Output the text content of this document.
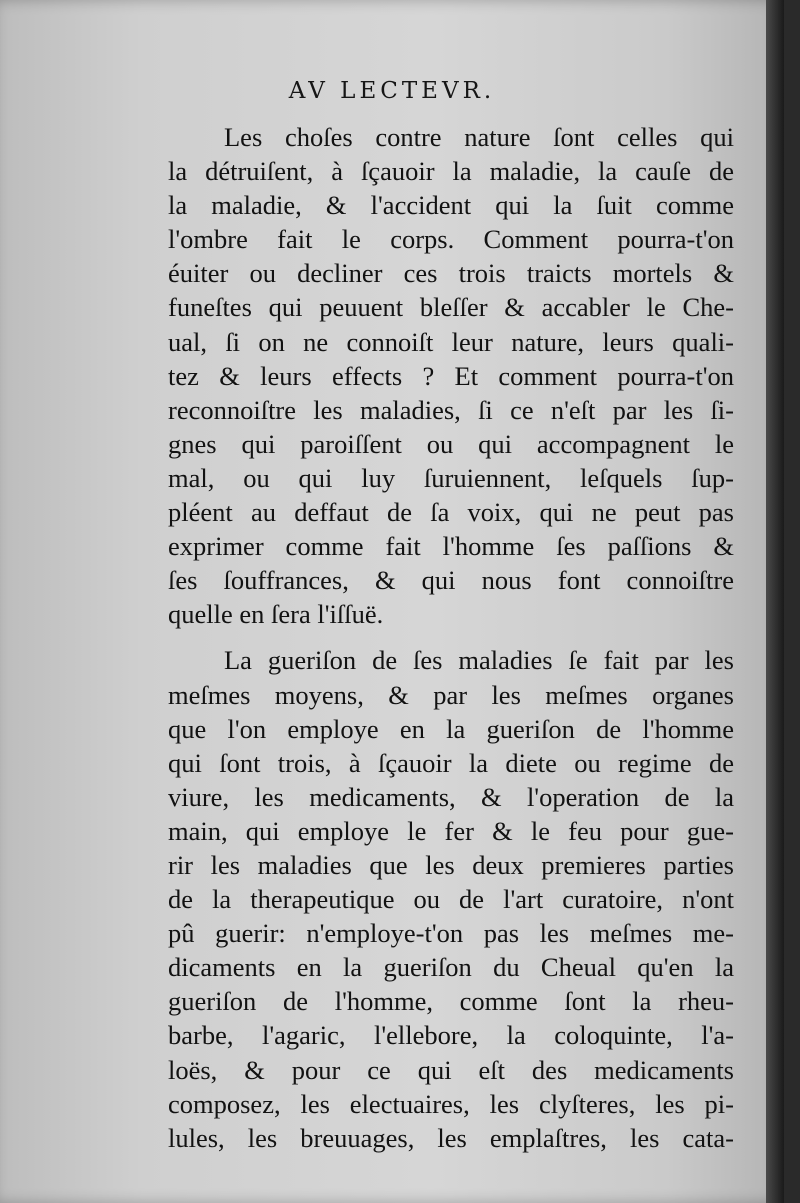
AV LECTEVR.
Les choſes contre nature ſont celles qui
la détruiſent, à ſçauoir la maladie, la cauſe de
la maladie, & l'accident qui la ſuit comme
l'ombre fait le corps. Comment pourra-t'on
éuiter ou decliner ces trois traicts mortels &
funeſtes qui peuuent bleſſer & accabler le Che-
ual, ſi on ne connoiſt leur nature, leurs quali-
tez & leurs effects ? Et comment pourra-t'on
reconnoiſtre les maladies, ſi ce n'eſt par les ſi-
gnes qui paroiſſent ou qui accompagnent le
mal, ou qui luy ſuruiennent, leſquels ſup-
pléent au deffaut de ſa voix, qui ne peut pas
exprimer comme fait l'homme ſes paſſions &
ſes ſouffrances, & qui nous font connoiſtre
quelle en ſera l'iſſuë.
La gueriſon de ſes maladies ſe fait par les
meſmes moyens, & par les meſmes organes
que l'on employe en la gueriſon de l'homme
qui ſont trois, à ſçauoir la diete ou regime de
viure, les medicaments, & l'operation de la
main, qui employe le fer & le feu pour gue-
rir les maladies que les deux premieres parties
de la therapeutique ou de l'art curatoire, n'ont
pû guerir: n'employe-t'on pas les meſmes me-
dicaments en la gueriſon du Cheual qu'en la
gueriſon de l'homme, comme ſont la rheu-
barbe, l'agaric, l'ellebore, la coloquinte, l'a-
loës, & pour ce qui eſt des medicaments
composez, les electuaires, les clyſteres, les pi-
lules, les breuuages, les emplaſtres, les cata-
